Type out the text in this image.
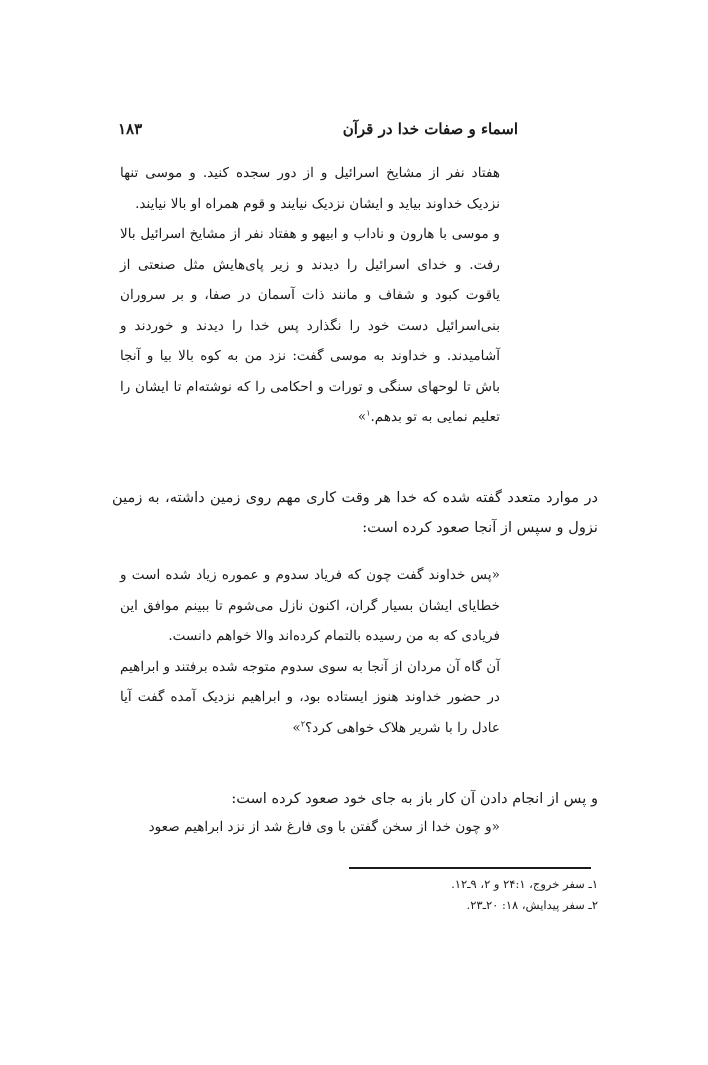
اسماء و صفات خدا در قرآن
۱۸۳

هفتاد نفر از مشایخ اسرائیل و از دور سجده کنید. و موسی تنها نزدیک خداوند بیاید و ایشان نزدیک نیایند و قوم همراه او بالا نیایند.

و موسی با هارون و ناداب و ابیهو و هفتاد نفر از مشایخ اسرائیل بالا رفت. و خدای اسرائیل را دیدند و زیر پای‌هایش مثل صنعتی از یاقوت کبود و شفاف و مانند ذات آسمان در صفا، و بر سروران بنی‌اسرائیل دست خود را نگذارد پس خدا را دیدند و خوردند و آشامیدند. و خداوند به موسی گفت: نزد من به کوه بالا بیا و آنجا باش تا لوحهای سنگی و تورات و احکامی را که نوشته‌ام تا ایشان را تعلیم نمایی به تو بدهم.$^۱$»

در موارد متعدد گفته شده که خدا هر وقت کاری مهم روی زمین داشته، به زمین نزول و سپس از آنجا صعود کرده است:

«پس خداوند گفت چون که فریاد سدوم و عموره زیاد شده است و خطایای ایشان بسیار گران، اکنون نازل می‌شوم تا ببینم موافق این فریادی که به من رسیده بالتمام کرده‌اند والا خواهم دانست.

آن گاه آن مردان از آنجا به سوی سدوم متوجه شده برفتند و ابراهیم در حضور خداوند هنوز ایستاده بود، و ابراهیم نزدیک آمده گفت آیا عادل را با شریر هلاک خواهی کرد؟$^۲$»

و پس از انجام دادن آن کار باز به جای خود صعود کرده است:

«و چون خدا از سخن گفتن با وی فارغ شد از نزد ابراهیم صعود

۱ـ سفر خروج، ۲۴:۱ و ۲، ۹ـ۱۲.

۲ـ سفر پیدایش، ۱۸: ۲۰ـ۲۳.
